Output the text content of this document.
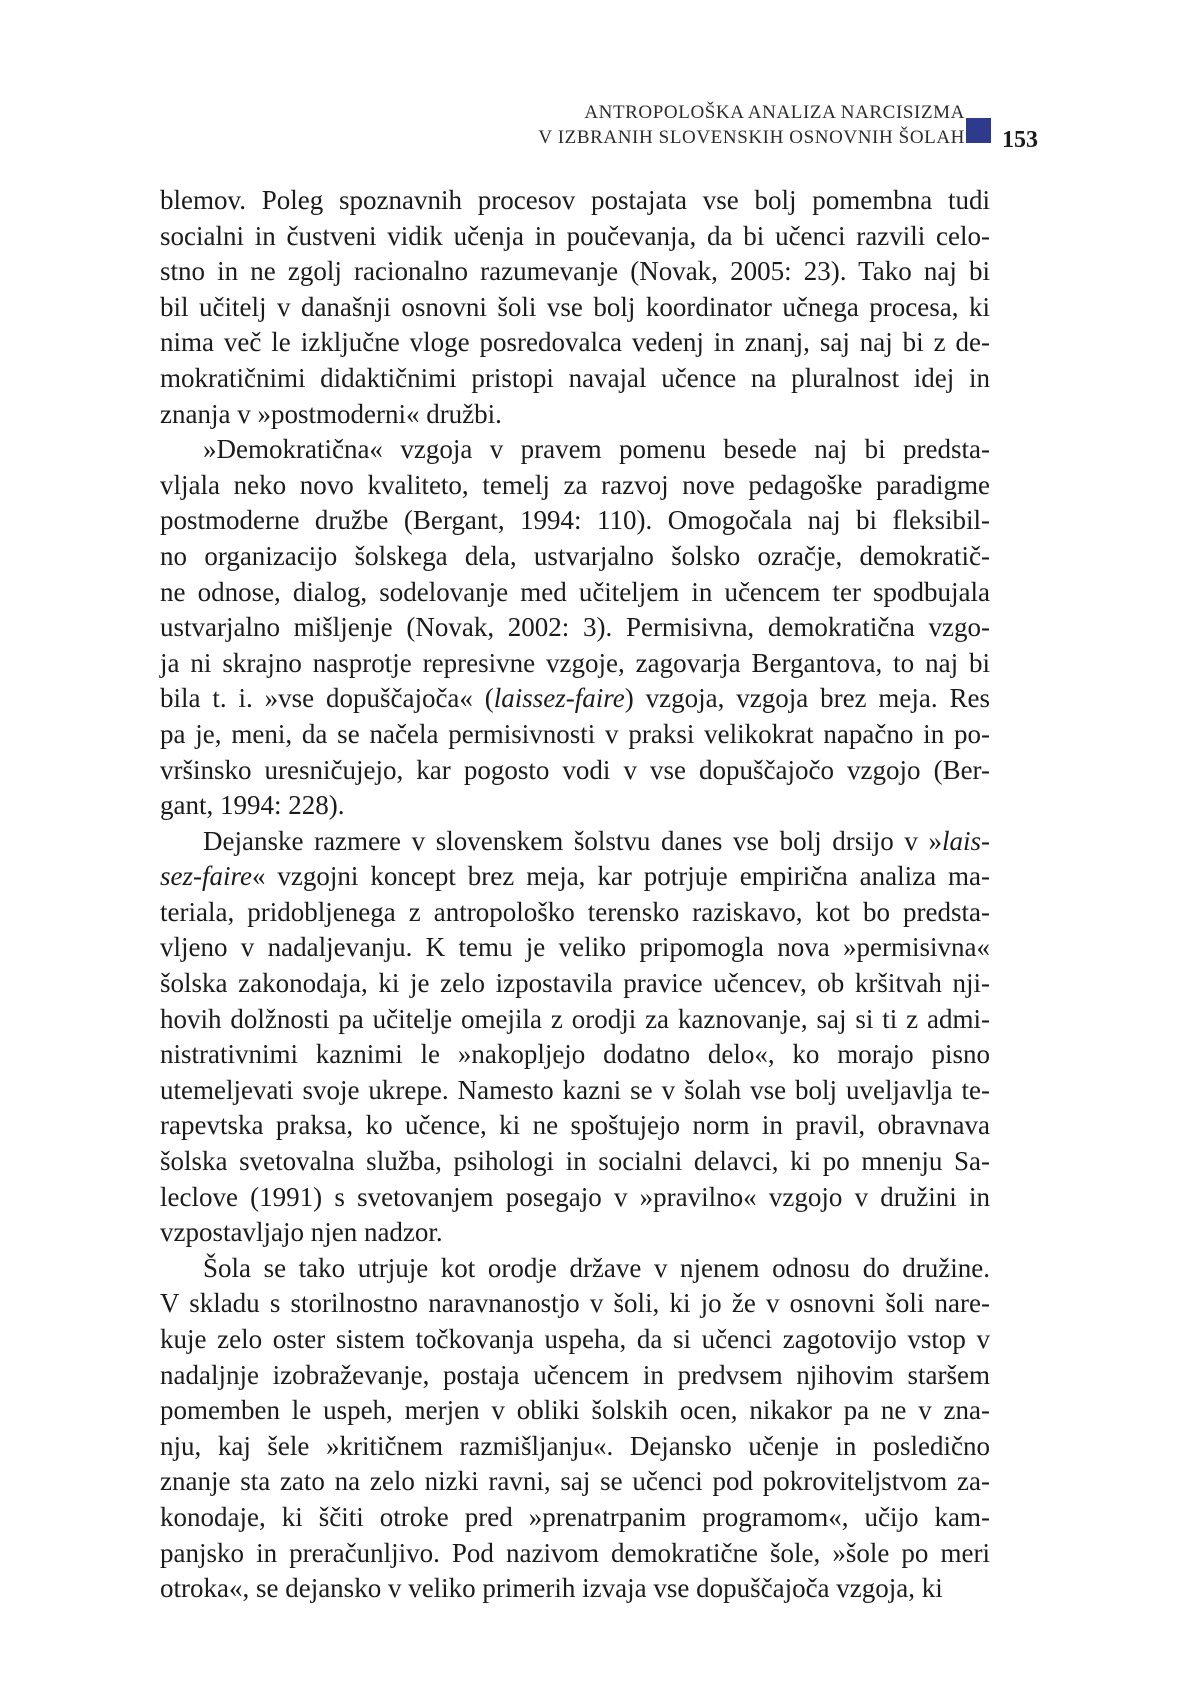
ANTROPOLOŠKA ANALIZA NARCISIZMA
V IZBRANIH SLOVENSKIH OSNOVNIH ŠOLAH 153
blemov. Poleg spoznavnih procesov postajata vse bolj pomembna tudi
socialni in čustveni vidik učenja in poučevanja, da bi učenci razvili celo-
stno in ne zgolj racionalno razumevanje (Novak, 2005: 23). Tako naj bi
bil učitelj v današnji osnovni šoli vse bolj koordinator učnega procesa, ki
nima več le izključne vloge posredovalca vedenj in znanj, saj naj bi z de-
mokratičnimi didaktičnimi pristopi navajal učence na pluralnost idej in
znanja v »postmoderni« družbi.
»Demokratična« vzgoja v pravem pomenu besede naj bi predsta-
vljala neko novo kvaliteto, temelj za razvoj nove pedagoške paradigme
postmoderne družbe (Bergant, 1994: 110). Omogočala naj bi fleksibil-
no organizacijo šolskega dela, ustvarjalno šolsko ozračje, demokratič-
ne odnose, dialog, sodelovanje med učiteljem in učencem ter spodbujala
ustvarjalno mišljenje (Novak, 2002: 3). Permisivna, demokratična vzgo-
ja ni skrajno nasprotje represivne vzgoje, zagovarja Bergantova, to naj bi
bila t. i. »vse dopuščajoča« (laissez-faire) vzgoja, vzgoja brez meja. Res
pa je, meni, da se načela permisivnosti v praksi velikokrat napačno in po-
vršinsko uresničujejo, kar pogosto vodi v vse dopuščajočo vzgojo (Ber-
gant, 1994: 228).
Dejanske razmere v slovenskem šolstvu danes vse bolj drsijo v »lais-
sez-faire« vzgojni koncept brez meja, kar potrjuje empirična analiza ma-
teriala, pridobljenega z antropološko terensko raziskavo, kot bo predsta-
vljeno v nadaljevanju. K temu je veliko pripomogla nova »permisivna«
šolska zakonodaja, ki je zelo izpostavila pravice učencev, ob kršitvah nji-
hovih dolžnosti pa učitelje omejila z orodji za kaznovanje, saj si ti z admi-
nistrativnimi kaznimi le »nakopljejo dodatno delo«, ko morajo pisno
utemeljevati svoje ukrepe. Namesto kazni se v šolah vse bolj uveljavlja te-
rapevtska praksa, ko učence, ki ne spoštujejo norm in pravil, obravnava
šolska svetovalna služba, psihologi in socialni delavci, ki po mnenju Sa-
leclove (1991) s svetovanjem posegajo v »pravilno« vzgojo v družini in
vzpostavljajo njen nadzor.
Šola se tako utrjuje kot orodje države v njenem odnosu do družine.
V skladu s storilnostno naravnanostjo v šoli, ki jo že v osnovni šoli nare-
kuje zelo oster sistem točkovanja uspeha, da si učenci zagotovijo vstop v
nadaljnje izobraževanje, postaja učencem in predvsem njihovim staršem
pomemben le uspeh, merjen v obliki šolskih ocen, nikakor pa ne v zna-
nju, kaj šele »kritičnem razmišljanju«. Dejansko učenje in posledično
znanje sta zato na zelo nizki ravni, saj se učenci pod pokroviteljstvom za-
konodaje, ki ščiti otroke pred »prenatrpanim programom«, učijo kam-
panjsko in preračunljivo. Pod nazivom demokratične šole, »šole po meri
otroka«, se dejansko v veliko primerih izvaja vse dopuščajoča vzgoja, ki
